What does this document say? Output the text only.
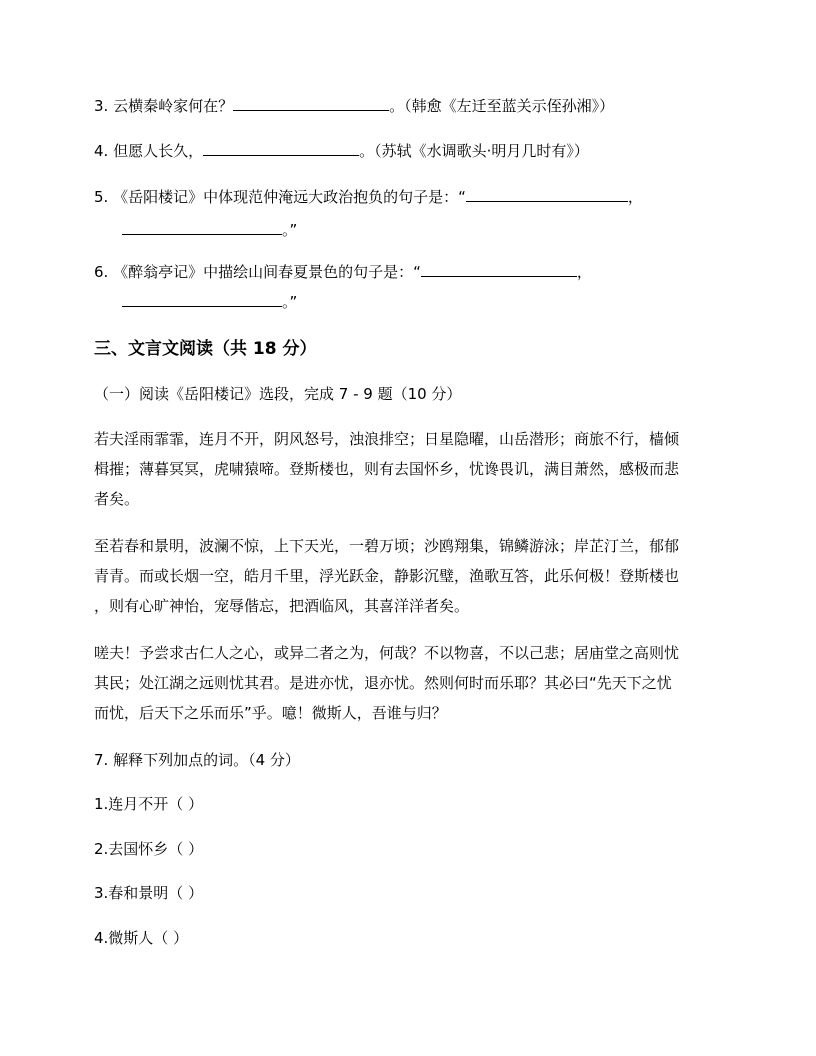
3. 云横秦岭家何在？	。（韩愈《左迁至蓝关示侄孙湘》）
4. 但愿人长久，	。（苏轼《水调歌头·明月几时有》）
5. 《岳阳楼记》中体现范仲淹远大政治抱负的句子是：“	，
。”
6. 《醉翁亭记》中描绘山间春夏景色的句子是：“	，
。”
三、文言文阅读（共 18 分）
（一）阅读《岳阳楼记》选段，完成 7 - 9 题（10 分）
若夫淫雨霏霏，连月不开，阴风怒号，浊浪排空；日星隐曜，山岳潜形；商旅不行，樯倾
楫摧；薄暮冥冥，虎啸猿啼。登斯楼也，则有去国怀乡，忧谗畏讥，满目萧然，感极而悲
者矣。
至若春和景明，波澜不惊，上下天光，一碧万顷；沙鸥翔集，锦鳞游泳；岸芷汀兰，郁郁
青青。而或长烟一空，皓月千里，浮光跃金，静影沉璧，渔歌互答，此乐何极！登斯楼也
，则有心旷神怡，宠辱偕忘，把酒临风，其喜洋洋者矣。
嗟夫！予尝求古仁人之心，或异二者之为，何哉？不以物喜，不以己悲；居庙堂之高则忧
其民；处江湖之远则忧其君。是进亦忧，退亦忧。然则何时而乐耶？其必曰“先天下之忧
而忧，后天下之乐而乐”乎。噫！微斯人，吾谁与归？
7. 解释下列加点的词。（4 分）
1.连月不开（ ）
2.去国怀乡（ ）
3.春和景明（ ）
4.微斯人（ ）
